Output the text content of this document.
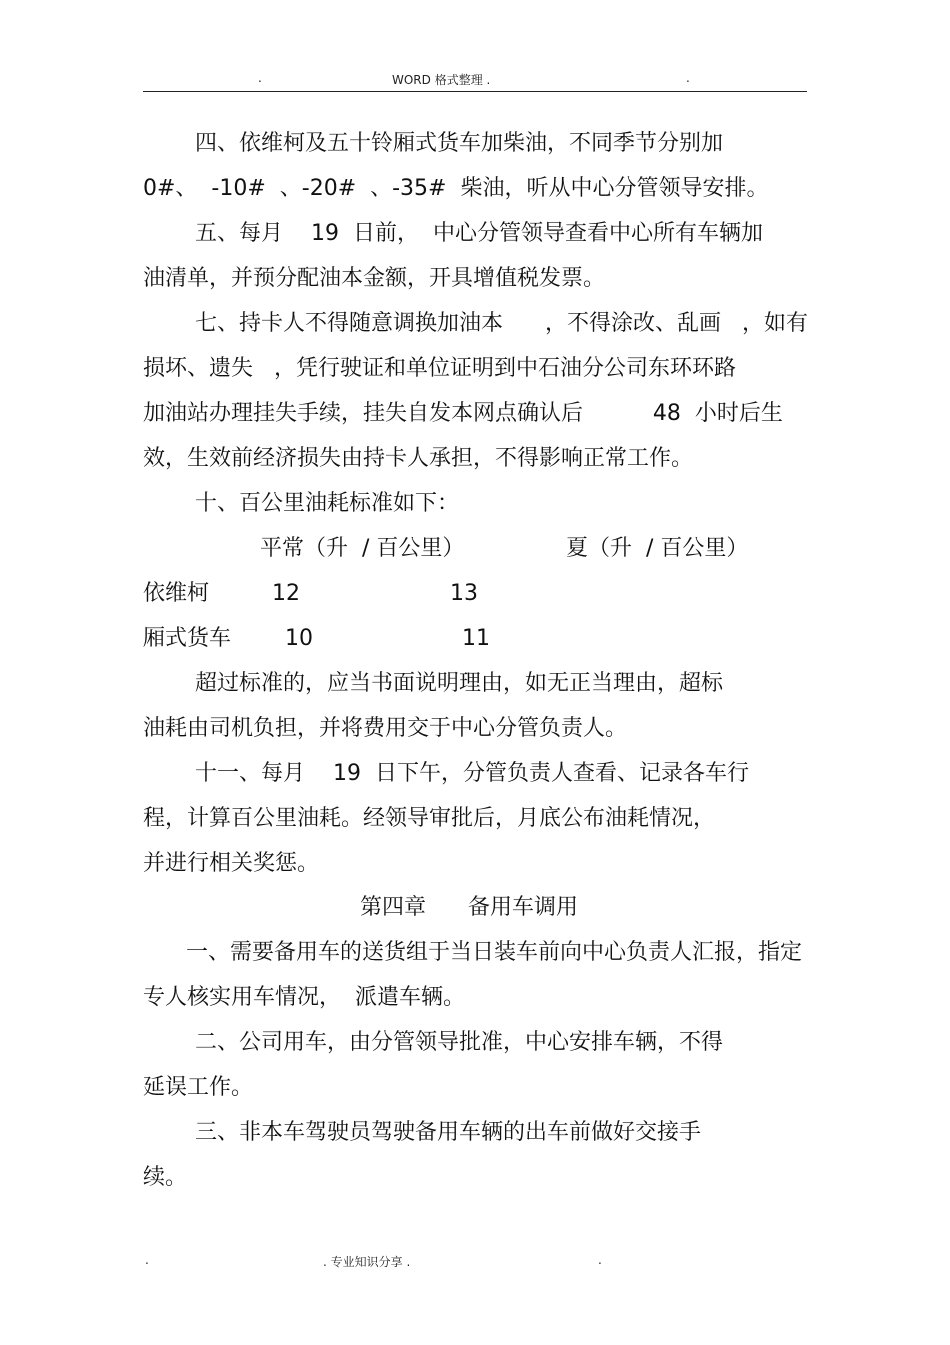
.	WORD 格式整理 .	.
四、依维柯及五十铃厢式货车加柴油，不同季节分别加
0#、  -10#  、-20#  、-35#  柴油，听从中心分管领导安排。
五、每月    19  日前，  中心分管领导查看中心所有车辆加
油清单，并预分配油本金额，开具增值税发票。
七、持卡人不得随意调换加油本      ，不得涂改、乱画   ，如有
损坏、遗失   ，凭行驶证和单位证明到中石油分公司东环环路
加油站办理挂失手续，挂失自发本网点确认后          48  小时后生
效，生效前经济损失由持卡人承担，不得影响正常工作。
十、百公里油耗标准如下：
平常（升  / 百公里）	夏（升  / 百公里）
依维柯	12	13
厢式货车 10	11
超过标准的，应当书面说明理由，如无正当理由，超标
油耗由司机负担，并将费用交于中心分管负责人。
十一、每月    19  日下午，分管负责人查看、记录各车行
程，计算百公里油耗。经领导审批后，月底公布油耗情况，
并进行相关奖惩。
第四章      备用车调用
一、需要备用车的送货组于当日装车前向中心负责人汇报，指定
专人核实用车情况，  派遣车辆。
二、公司用车，由分管领导批准，中心安排车辆，不得
延误工作。
三、非本车驾驶员驾驶备用车辆的出车前做好交接手
续。
.	. 专业知识分享 .	.
